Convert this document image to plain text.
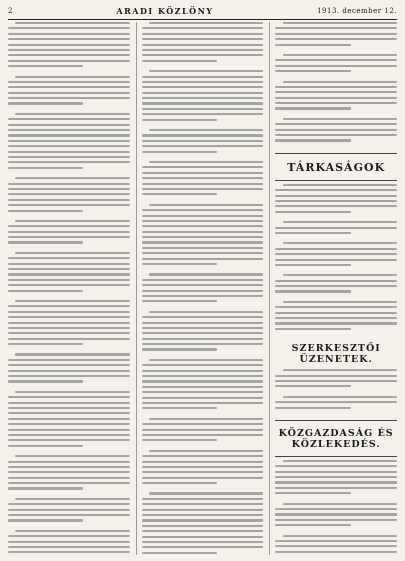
2	ARADI KÖZLÖNY	1913. december 12.
TÁRKASÁGOK
SZERKESZTŐI ÜZENETEK.
KÖZGAZDASÁG ÉS KÖZLEKEDÉS.
